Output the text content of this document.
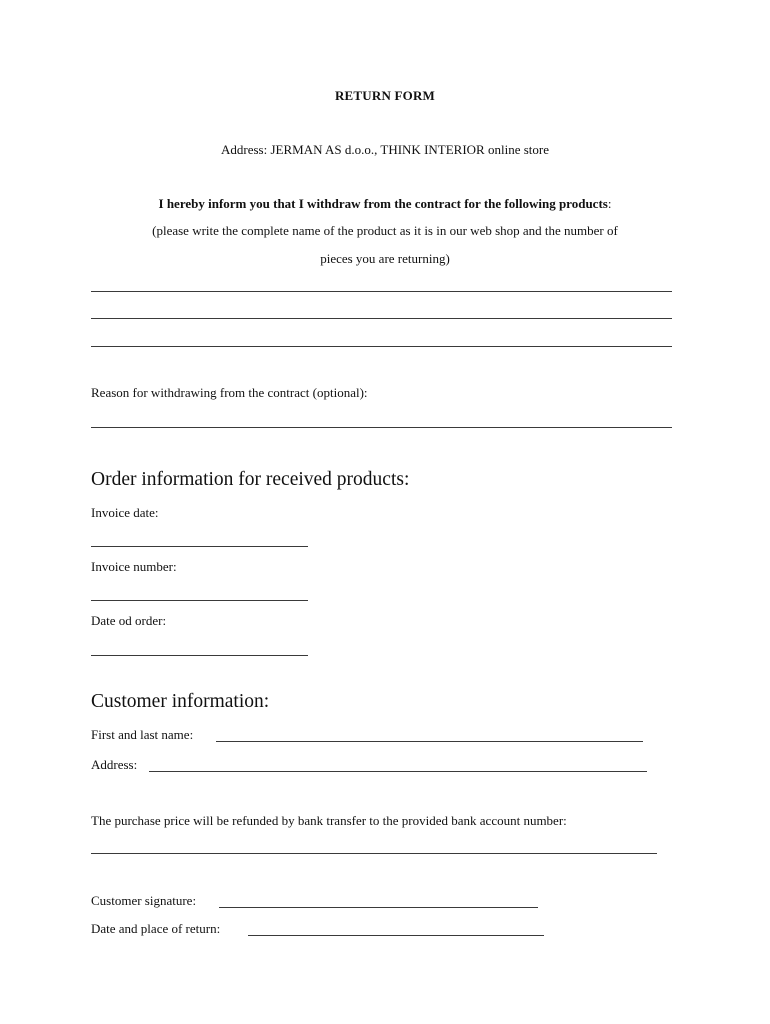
RETURN FORM
Address: JERMAN AS d.o.o., THINK INTERIOR online store
I hereby inform you that I withdraw from the contract for the following products:
(please write the complete name of the product as it is in our web shop and the number of
pieces you are returning)
Reason for withdrawing from the contract (optional):
Order information for received products:
Invoice date:
Invoice number:
Date od order:
Customer information:
First and last name:
Address:
The purchase price will be refunded by bank transfer to the provided bank account number:
Customer signature:
Date and place of return:
